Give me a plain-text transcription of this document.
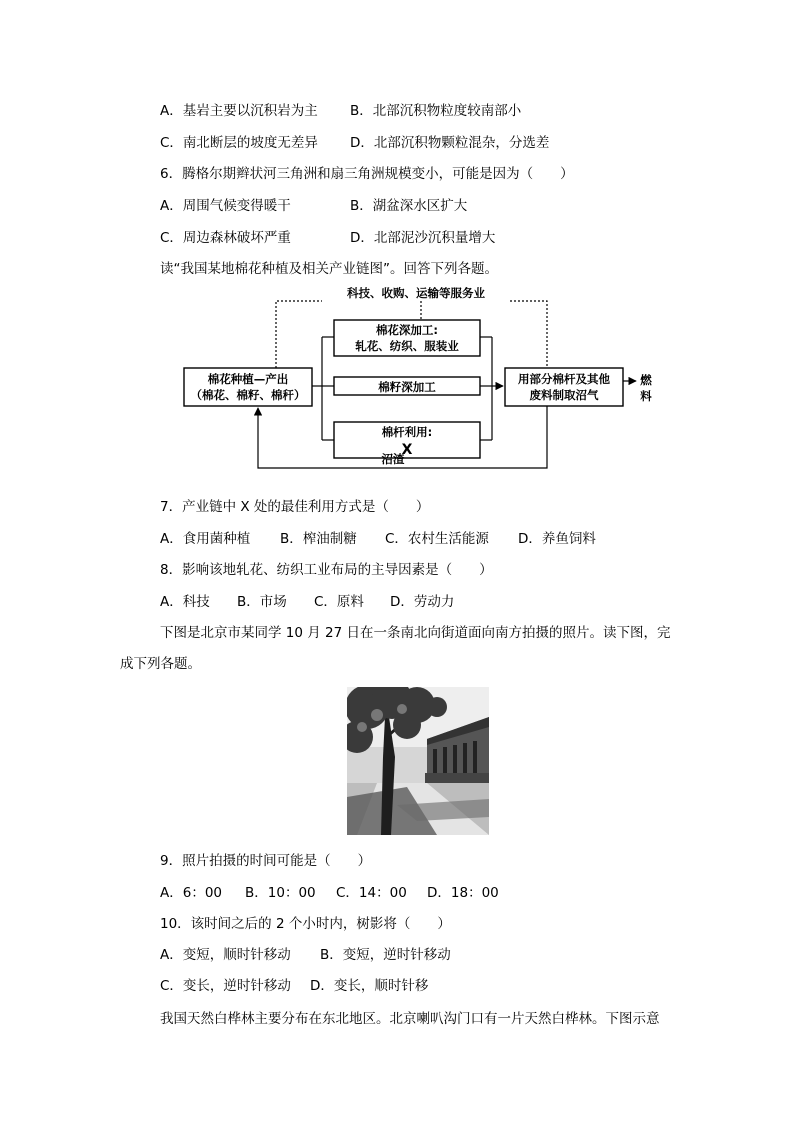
A．基岩主要以沉积岩为主 B．北部沉积物粒度较南部小
C．南北断层的坡度无差异 D．北部沉积物颗粒混杂，分选差
6．腾格尔期辫状河三角洲和扇三角洲规模变小，可能是因为（　　）
A．周围气候变得暖干	B．湖盆深水区扩大
C．周边森林破坏严重	D．北部泥沙沉积量增大
读“我国某地棉花种植及相关产业链图”。回答下列各题。
科技、收购、运输等服务业
棉花种植—产出
（棉花、棉籽、棉秆）
棉花深加工:
轧花、纺织、服装业
棉籽深加工
棉杆利用:
X
用部分棉杆及其他
废料制取沼气
燃
料
沼渣
7．产业链中 X 处的最佳利用方式是（　　）
A．食用菌种植 B．榨油制糖 C．农村生活能源 D．养鱼饲料
8．影响该地轧花、纺织工业布局的主导因素是（　　）
A．科技 B．市场 C．原料 D．劳动力
下图是北京市某同学 10 月 27 日在一条南北向街道面向南方拍摄的照片。读下图，完
成下列各题。
9．照片拍摄的时间可能是（　　）
A．6：00 B．10：00 C．14：00 D．18：00
10．该时间之后的 2 个小时内，树影将（　　）
A．变短，顺时针移动 B．变短，逆时针移动
C．变长，逆时针移动 D．变长，顺时针移
我国天然白桦林主要分布在东北地区。北京喇叭沟门口有一片天然白桦林。下图示意
